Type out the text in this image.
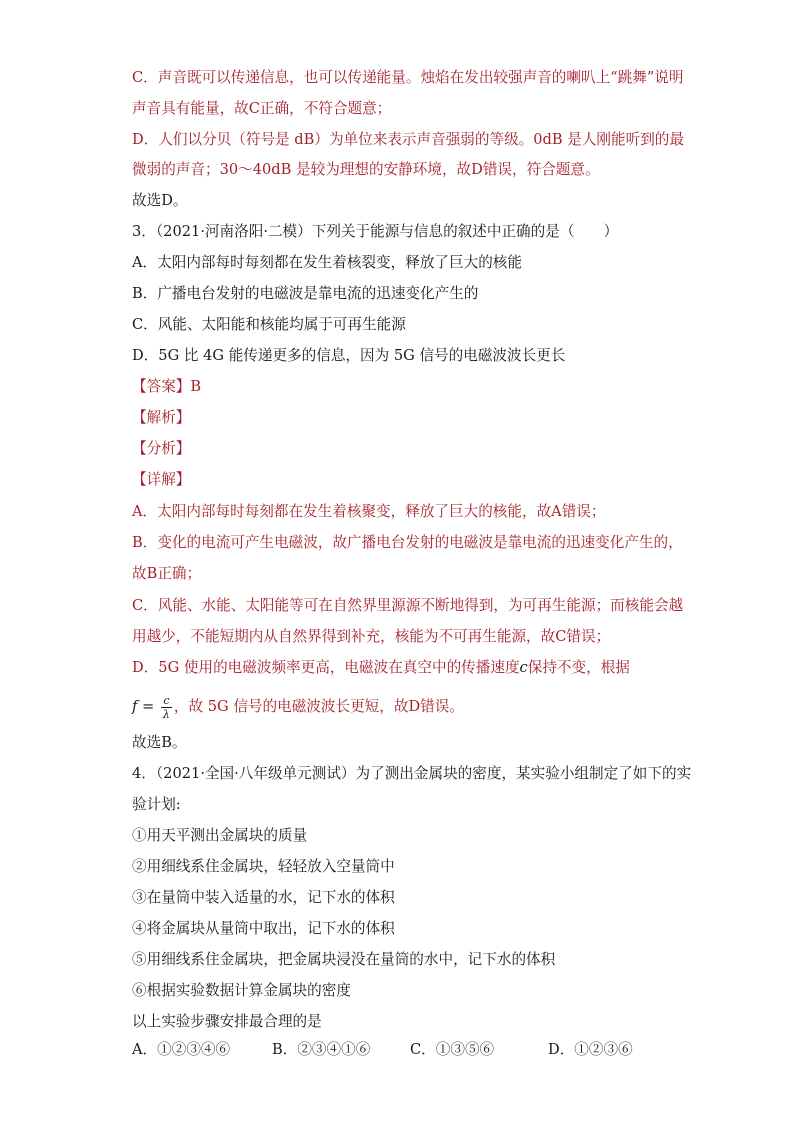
C．声音既可以传递信息，也可以传递能量。烛焰在发出较强声音的喇叭上“跳舞”说明
声音具有能量，故C正确，不符合题意；
D．人们以分贝（符号是 dB）为单位来表示声音强弱的等级。0dB 是人刚能听到的最
微弱的声音；30～40dB 是较为理想的安静环境，故D错误，符合题意。
故选D。
3．（2021·河南洛阳·二模）下列关于能源与信息的叙述中正确的是（　　）
A．太阳内部每时每刻都在发生着核裂变，释放了巨大的核能
B．广播电台发射的电磁波是靠电流的迅速变化产生的
C．风能、太阳能和核能均属于可再生能源
D．5G 比 4G 能传递更多的信息，因为 5G 信号的电磁波波长更长
【答案】B
【解析】
【分析】
【详解】
A．太阳内部每时每刻都在发生着核聚变，释放了巨大的核能，故A错误；
B．变化的电流可产生电磁波，故广播电台发射的电磁波是靠电流的迅速变化产生的，
故B正确；
C．风能、水能、太阳能等可在自然界里源源不断地得到，为可再生能源；而核能会越
用越少，不能短期内从自然界得到补充，核能为不可再生能源，故C错误；
D．5G 使用的电磁波频率更高，电磁波在真空中的传播速度c保持不变，根据
$f = \frac{c}{\lambda}$ ，故 5G 信号的电磁波波长更短，故D错误。
故选B。
4．（2021·全国·八年级单元测试）为了测出金属块的密度，某实验小组制定了如下的实
验计划:
①用天平测出金属块的质量
②用细线系住金属块，轻轻放入空量筒中
③在量筒中装入适量的水，记下水的体积
④将金属块从量筒中取出，记下水的体积
⑤用细线系住金属块，把金属块浸没在量筒的水中，记下水的体积
⑥根据实验数据计算金属块的密度
以上实验步骤安排最合理的是
A．①②③④⑥	B．②③④①⑥	C．①③⑤⑥	D．①②③⑥
